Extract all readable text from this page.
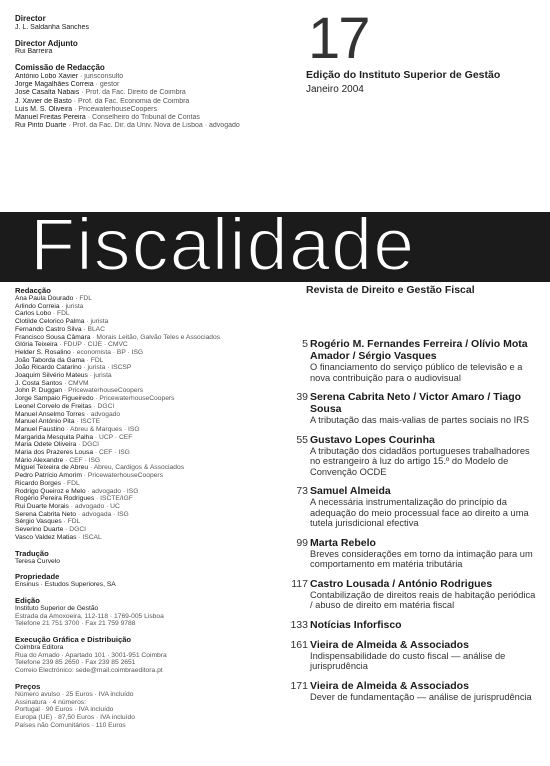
Director
J. L. Saldanha Sanches
Director Adjunto
Rui Barreira
Comissão de Redacção
António Lobo Xavier · jurisconsulto
Jorge Magalhães Correia · gestor
José Casalta Nabais · Prof. da Fac. Direito de Coimbra
J. Xavier de Basto · Prof. da Fac. Economia de Coimbra
Luís M. S. Oliveira · PricewaterhouseCoopers
Manuel Freitas Pereira · Conselheiro do Tribunal de Contas
Rui Pinto Duarte · Prof. da Fac. Dir. da Univ. Nova de Lisboa · advogado
17
Edição do Instituto Superior de Gestão
Janeiro 2004
Fiscalidade
Revista de Direito e Gestão Fiscal
Redacção
Ana Paula Dourado · FDL
Arlindo Correia · jurista
Carlos Lobo · FDL
Clotilde Celorico Palma · jurista
Fernando Castro Silva · BLAC
Francisco Sousa Câmara · Morais Leitão, Galvão Teles e Associados
Glória Teixeira · FDUP · CIJE · CMVC
Helder S. Rosalino · economista · BP · ISG
João Taborda da Gama · FDL
João Ricardo Catarino · jurista · ISCSP
Joaquim Silvério Mateus · jurista
J. Costa Santos · CMVM
John P. Duggan · PricewaterhouseCoopers
Jorge Sampaio Figueiredo · PricewaterhouseCoopers
Leonel Corvelo de Freitas · DGCI
Manuel Anselmo Torres · advogado
Manuel António Pita · ISCTE
Manuel Faustino · Abreu & Marques · ISG
Margarida Mesquita Palha · UCP · CEF
Maria Odete Oliveira · DGCI
Maria dos Prazeres Lousa · CEF · ISG
Mário Alexandre · CEF · ISG
Miguel Teixeira de Abreu · Abreu, Cardigos & Associados
Pedro Patrício Amorim · PricewaterhouseCoopers
Ricardo Borges · FDL
Rodrigo Queiroz e Melo · advogado · ISG
Rogério Pereira Rodrigues · ISCTE/IGF
Rui Duarte Morais · advogado · UC
Serena Cabrita Neto · advogada · ISG
Sérgio Vasques · FDL
Severino Duarte · DGCI
Vasco Valdez Matias · ISCAL
Tradução
Teresa Curvelo
Propriedade
Ensinus · Estudos Superiores, SA
Edição
Instituto Superior de Gestão
Estrada da Amoxoeira, 112-118 · 1769-005 Lisboa
Telefone 21 751 3700 · Fax 21 759 9788
Execução Gráfica e Distribuição
Coimbra Editora
Rua do Arnado · Apartado 101 · 3001-951 Coimbra
Telefone 239 85 2650 · Fax 239 85 2651
Correio Electrónico: sede@mail.coimbraeditora.pt
Preços
Número avulso · 25 Euros · IVA incluído
Assinatura · 4 números:
Portugal · 90 Euros · IVA incluído
Europa (UE) · 87,50 Euros · IVA incluído
Países não Comunitários · 110 Euros
5 Rogério M. Fernandes Ferreira / Olívio Mota Amador / Sérgio Vasques
O financiamento do serviço público de televisão e a nova contribuição para o audiovisual
39 Serena Cabrita Neto / Victor Amaro / Tiago Sousa
A tributação das mais-valias de partes sociais no IRS
55 Gustavo Lopes Courinha
A tributação dos cidadãos portugueses trabalhadores no estrangeiro à luz do artigo 15.º do Modelo de Convenção OCDE
73 Samuel Almeida
A necessária instrumentalização do princípio da adequação do meio processual face ao direito a uma tutela jurisdicional efectiva
99 Marta Rebelo
Breves considerações em torno da intimação para um comportamento em matéria tributária
117 Castro Lousada / António Rodrigues
Contabilização de direitos reais de habitação periódica / abuso de direito em matéria fiscal
133 Notícias Inforfisco
161 Vieira de Almeida & Associados
Indispensabilidade do custo fiscal — análise de jurisprudência
171 Vieira de Almeida & Associados
Dever de fundamentação — análise de jurisprudência
